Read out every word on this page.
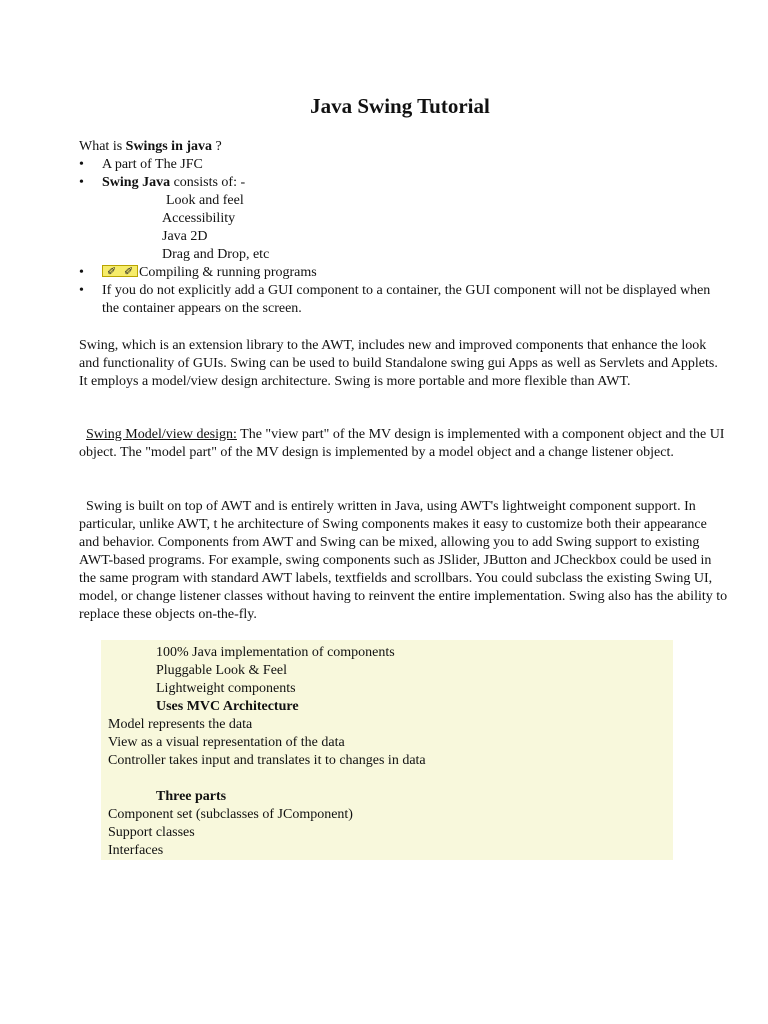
Java Swing Tutorial
What is Swings in java ?
• A part of The JFC
• Swing Java consists of: -
Look and feel
Accessibility
Java 2D
Drag and Drop, etc
• ✐ ✐ Compiling & running programs
• If you do not explicitly add a GUI component to a container, the GUI component will not be displayed when the container appears on the screen.
Swing, which is an extension library to the AWT, includes new and improved components that enhance the look and functionality of GUIs. Swing can be used to build Standalone swing gui Apps as well as Servlets and Applets. It employs a model/view design architecture. Swing is more portable and more flexible than AWT.
Swing Model/view design: The "view part" of the MV design is implemented with a component object and the UI object. The "model part" of the MV design is implemented by a model object and a change listener object.
Swing is built on top of AWT and is entirely written in Java, using AWT's lightweight component support. In particular, unlike AWT, t he architecture of Swing components makes it easy to customize both their appearance and behavior. Components from AWT and Swing can be mixed, allowing you to add Swing support to existing AWT-based programs. For example, swing components such as JSlider, JButton and JCheckbox could be used in the same program with standard AWT labels, textfields and scrollbars. You could subclass the existing Swing UI, model, or change listener classes without having to reinvent the entire implementation. Swing also has the ability to replace these objects on-the-fly.
100% Java implementation of components
Pluggable Look & Feel
Lightweight components
Uses MVC Architecture
Model represents the data
View as a visual representation of the data
Controller takes input and translates it to changes in data
Three parts
Component set (subclasses of JComponent)
Support classes
Interfaces
